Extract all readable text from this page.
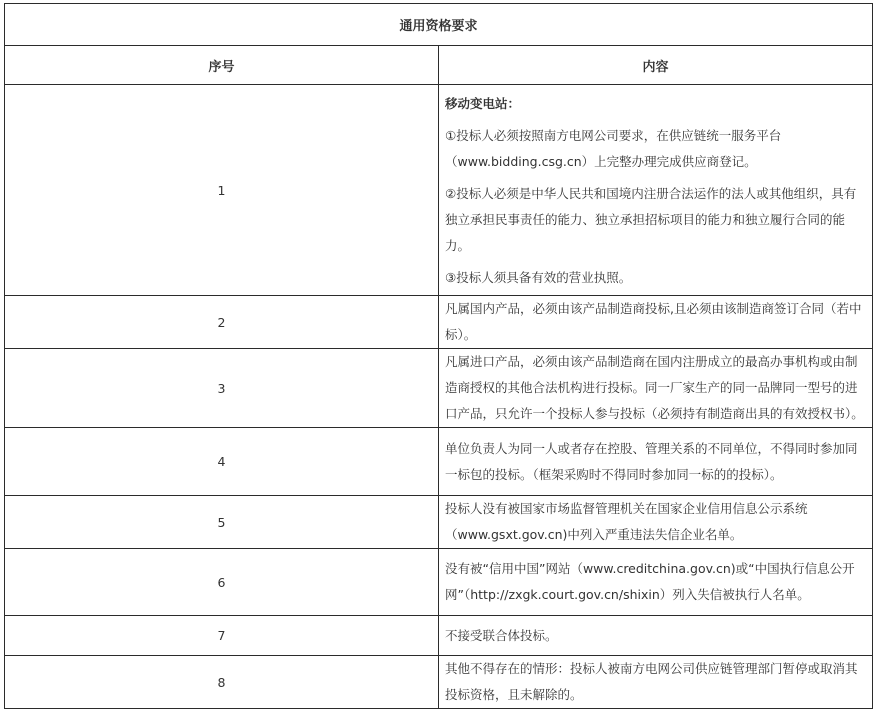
通用资格要求	
序号	内容
1	移动变电站：

①投标人必须按照南方电网公司要求，在供应链统一服务平台（www.bidding.csg.cn）上完整办理完成供应商登记。

②投标人必须是中华人民共和国境内注册合法运作的法人或其他组织，具有独立承担民事责任的能力、独立承担招标项目的能力和独立履行合同的能力。

③投标人须具备有效的营业执照。

2	凡属国内产品，必须由该产品制造商投标,且必须由该制造商签订合同（若中标）。
3	凡属进口产品，必须由该产品制造商在国内注册成立的最高办事机构或由制造商授权的其他合法机构进行投标。同一厂家生产的同一品牌同一型号的进口产品，只允许一个投标人参与投标（必须持有制造商出具的有效授权书）。
4	单位负责人为同一人或者存在控股、管理关系的不同单位，不得同时参加同一标包的投标。（框架采购时不得同时参加同一标的的投标）。
5	投标人没有被国家市场监督管理机关在国家企业信用信息公示系统（www.gsxt.gov.cn)中列入严重违法失信企业名单。
6	没有被“信用中国”网站（www.creditchina.gov.cn)或“中国执行信息公开网”（http://zxgk.court.gov.cn/shixin）列入失信被执行人名单。
7	不接受联合体投标。
8	其他不得存在的情形：投标人被南方电网公司供应链管理部门暂停或取消其投标资格，且未解除的。
